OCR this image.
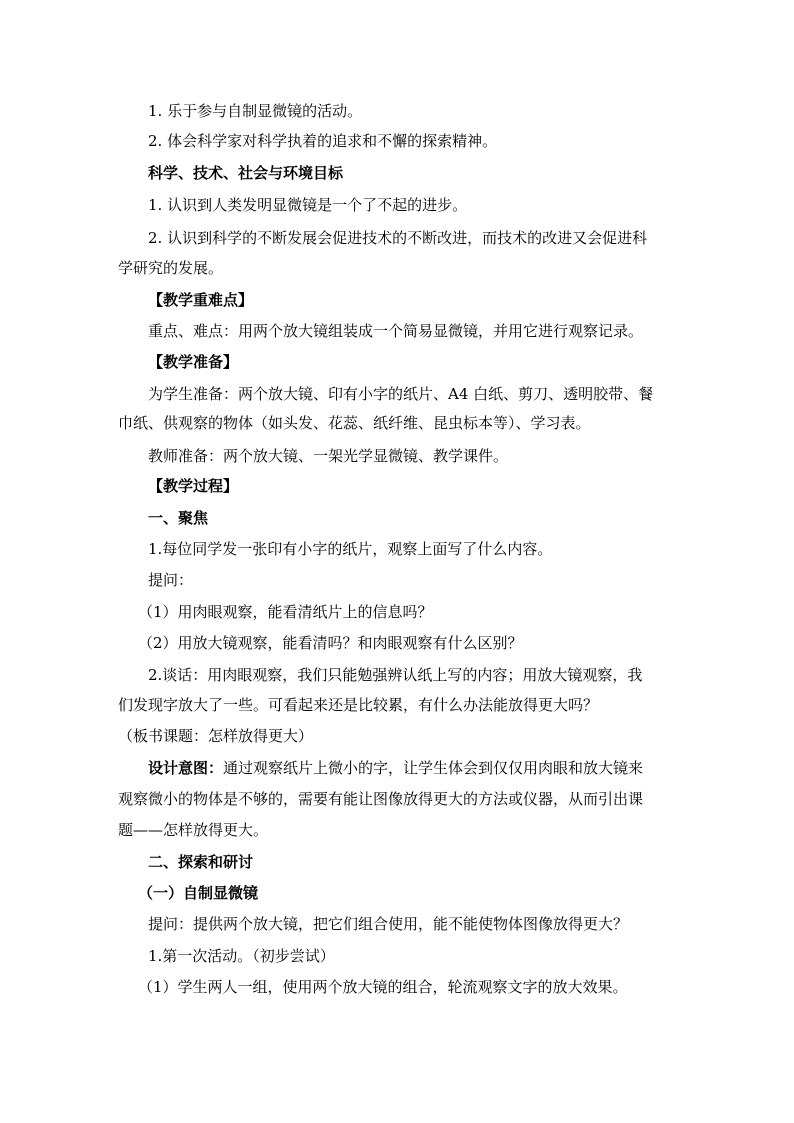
1. 乐于参与自制显微镜的活动。
2. 体会科学家对科学执着的追求和不懈的探索精神。
科学、技术、社会与环境目标
1. 认识到人类发明显微镜是一个了不起的进步。
2. 认识到科学的不断发展会促进技术的不断改进，而技术的改进又会促进科
学研究的发展。
【教学重难点】
重点、难点：用两个放大镜组装成一个简易显微镜，并用它进行观察记录。
【教学准备】
为学生准备：两个放大镜、印有小字的纸片、A4 白纸、剪刀、透明胶带、餐
巾纸、供观察的物体（如头发、花蕊、纸纤维、昆虫标本等）、学习表。
教师准备：两个放大镜、一架光学显微镜、教学课件。
【教学过程】
一、聚焦
1.每位同学发一张印有小字的纸片，观察上面写了什么内容。
提问：
（1）用肉眼观察，能看清纸片上的信息吗？
（2）用放大镜观察，能看清吗？和肉眼观察有什么区别？
2.谈话：用肉眼观察，我们只能勉强辨认纸上写的内容；用放大镜观察，我
们发现字放大了一些。可看起来还是比较累，有什么办法能放得更大吗？
（板书课题：怎样放得更大）
设计意图：通过观察纸片上微小的字，让学生体会到仅仅用肉眼和放大镜来
观察微小的物体是不够的，需要有能让图像放得更大的方法或仪器，从而引出课
题——怎样放得更大。
二、探索和研讨
（一）自制显微镜
提问：提供两个放大镜，把它们组合使用，能不能使物体图像放得更大？
1.第一次活动。（初步尝试）
（1）学生两人一组，使用两个放大镜的组合，轮流观察文字的放大效果。
